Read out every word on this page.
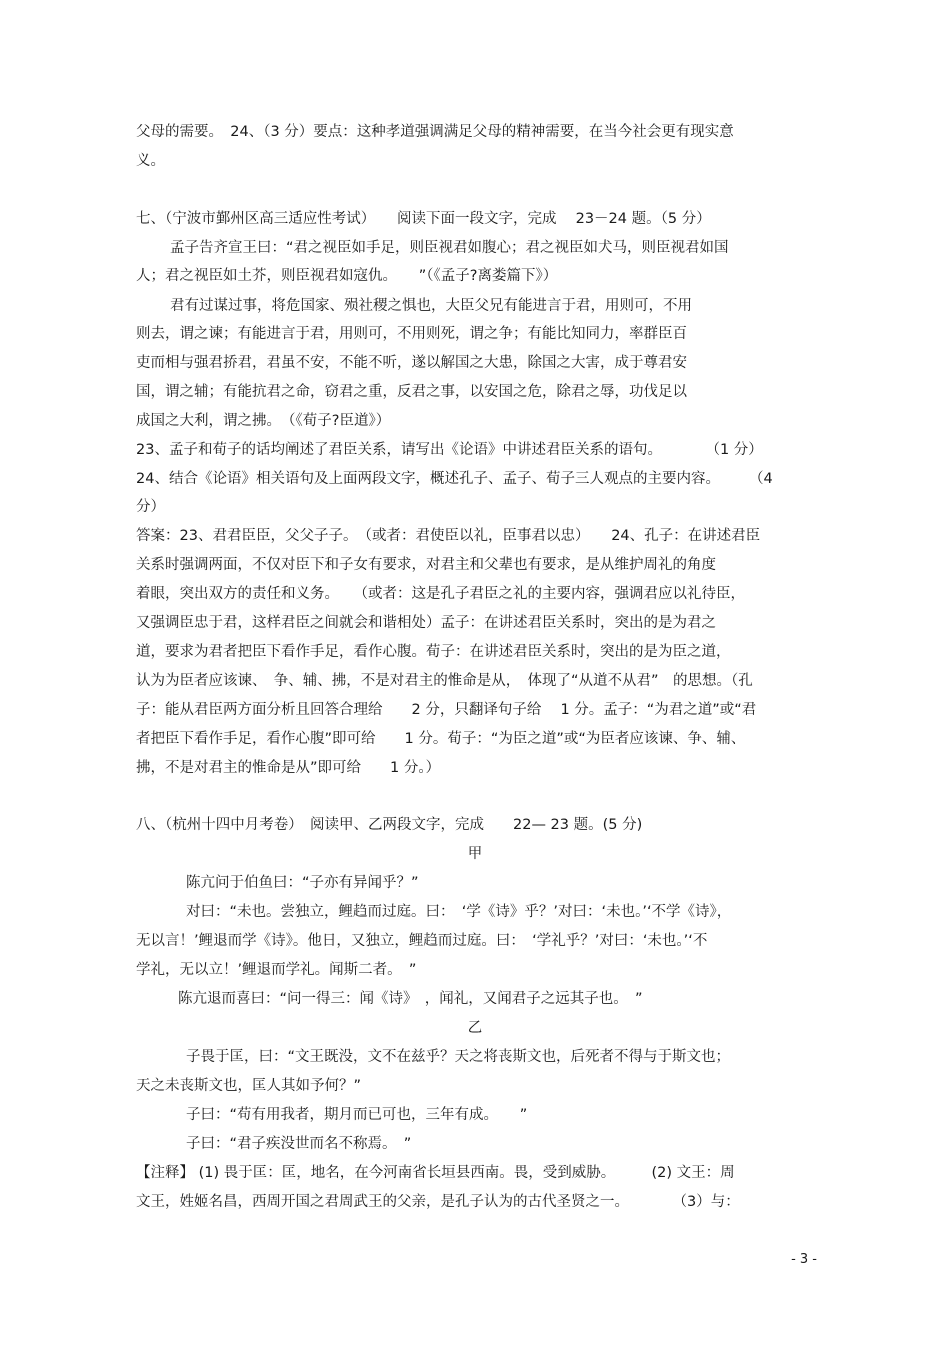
父母的需要。　24、（3 分）要点：这种孝道强调满足父母的精神需要，在当今社会更有现实意
义。
七、（宁波市鄞州区高三适应性考试）　　阅读下面一段文字，完成　 23－24 题。（5 分）
孟子告齐宣王曰：“君之视臣如手足，则臣视君如腹心；君之视臣如犬马，则臣视君如国
人；君之视臣如土芥，则臣视君如寇仇。　　”（《孟子?离娄篇下》）
君有过谋过事，将危国家、殒社稷之惧也，大臣父兄有能进言于君，用则可，不用
则去，谓之谏；有能进言于君，用则可，不用则死，谓之争；有能比知同力，率群臣百
吏而相与强君挢君，君虽不安，不能不听，遂以解国之大患，除国之大害，成于尊君安
国，谓之辅；有能抗君之命，窃君之重，反君之事，以安国之危，除君之辱，功伐足以
成国之大利，谓之拂。　（《荀子?臣道》）
23、孟子和荀子的话均阐述了君臣关系，请写出《论语》中讲述君臣关系的语句。　　　　（1 分）
24、结合《论语》相关语句及上面两段文字，概述孔子、孟子、荀子三人观点的主要内容。　　　（4
分）
答案：23、君君臣臣，父父子子。　（或者：君使臣以礼，臣事君以忠）　　24、孔子：在讲述君臣
关系时强调两面，不仅对臣下和子女有要求，对君主和父辈也有要求，是从维护周礼的角度
着眼，突出双方的责任和义务。　　（或者：这是孔子君臣之礼的主要内容，强调君应以礼待臣，
又强调臣忠于君，这样君臣之间就会和谐相处）孟子：在讲述君臣关系时，突出的是为君之
道，要求为君者把臣下看作手足，看作心腹。荀子：在讲述君臣关系时，突出的是为臣之道，
认为为臣者应该谏、　争、辅、拂，不是对君主的惟命是从，　体现了“从道不从君”　的思想。（孔
子：能从君臣两方面分析且回答合理给　　2 分，只翻译句子给　 1 分。孟子：“为君之道”或“君
者把臣下看作手足，看作心腹”即可给　　1 分。荀子：“为臣之道”或“为臣者应该谏、争、辅、
拂，不是对君主的惟命是从”即可给　　1 分。）
八、（杭州十四中月考卷）　阅读甲、乙两段文字，完成　　22— 23 题。(5 分)
甲
陈亢问于伯鱼曰：“子亦有异闻乎？”
对曰：“未也。尝独立，鲤趋而过庭。曰：　‘学《诗》乎？’对曰：‘未也。’‘不学《诗》，
无以言！’鲤退而学《诗》。他日，又独立，鲤趋而过庭。曰：　‘学礼乎？’对曰：‘未也。’‘不
学礼，无以立！’鲤退而学礼。闻斯二者。　”
陈亢退而喜曰：“问一得三：闻《诗》　，闻礼，又闻君子之远其子也。　”
乙
子畏于匡，曰：“文王既没，文不在兹乎？天之将丧斯文也，后死者不得与于斯文也；
天之未丧斯文也，匡人其如予何？”
子曰：“苟有用我者，期月而已可也，三年有成。　　”
子曰：“君子疾没世而名不称焉。　”
【注释】 (1) 畏于匡：匡，地名，在今河南省长垣县西南。畏，受到威胁。　　　(2) 文王：周
文王，姓姬名昌，西周开国之君周武王的父亲，是孔子认为的古代圣贤之一。　　　　（3）与：
- 3 -
